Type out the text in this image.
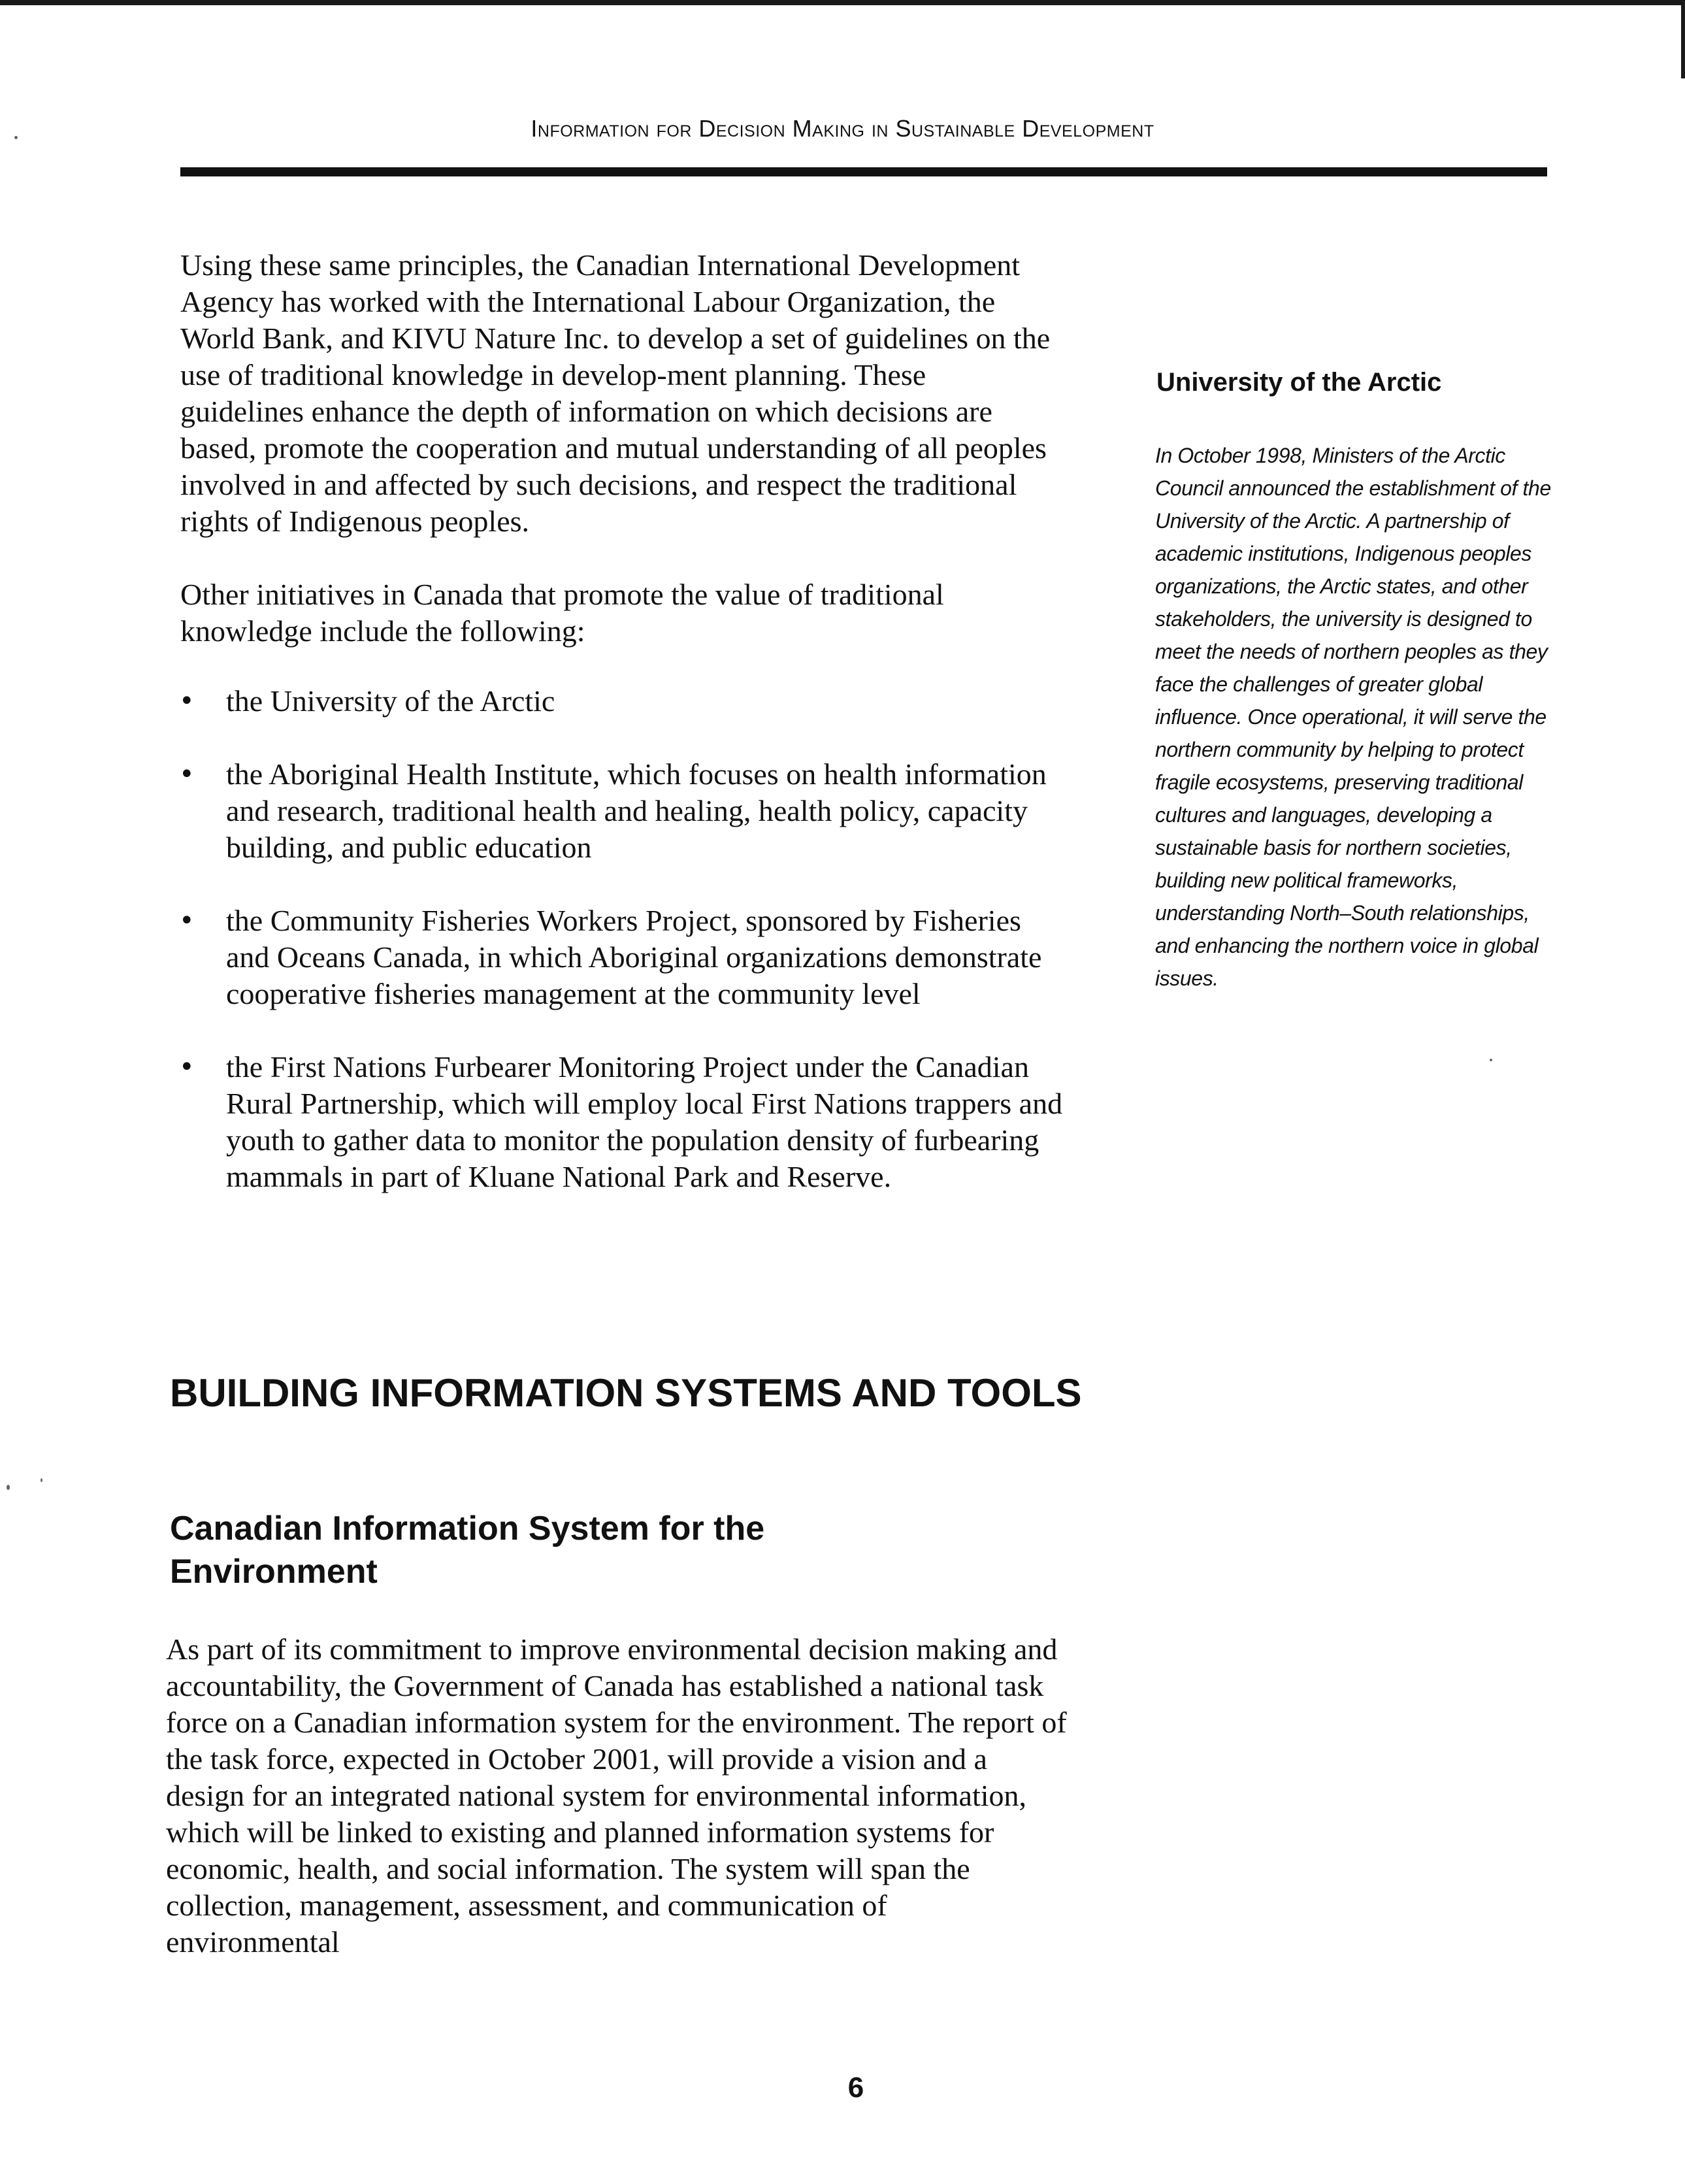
Information for Decision Making in Sustainable Development

Using these same principles, the Canadian International Development Agency has worked with the International Labour Organization, the World Bank, and KIVU Nature Inc. to develop a set of guidelines on the use of traditional knowledge in develop-ment planning. These guidelines enhance the depth of information on which decisions are based, promote the cooperation and mutual understanding of all peoples involved in and affected by such decisions, and respect the traditional rights of Indigenous peoples.

Other initiatives in Canada that promote the value of traditional knowledge include the following:

• the University of the Arctic
• the Aboriginal Health Institute, which focuses on health information and research, traditional health and healing, health policy, capacity building, and public education
• the Community Fisheries Workers Project, sponsored by Fisheries and Oceans Canada, in which Aboriginal organizations demonstrate cooperative fisheries management at the community level
• the First Nations Furbearer Monitoring Project under the Canadian Rural Partnership, which will employ local First Nations trappers and youth to gather data to monitor the population density of furbearing mammals in part of Kluane National Park and Reserve.
BUILDING INFORMATION SYSTEMS AND TOOLS
Canadian Information System for the Environment

As part of its commitment to improve environmental decision making and accountability, the Government of Canada has established a national task force on a Canadian information system for the environment. The report of the task force, expected in October 2001, will provide a vision and a design for an integrated national system for environmental information, which will be linked to existing and planned information systems for economic, health, and social information. The system will span the collection, management, assessment, and communication of environmental

University of the Arctic

In October 1998, Ministers of the Arctic Council announced the establishment of the University of the Arctic. A partnership of academic institutions, Indigenous peoples organizations, the Arctic states, and other stakeholders, the university is designed to meet the needs of northern peoples as they face the challenges of greater global influence. Once operational, it will serve the northern community by helping to protect fragile ecosystems, preserving traditional cultures and languages, developing a sustainable basis for northern societies, building new political frameworks, understanding North–South relationships, and enhancing the northern voice in global issues.

6
